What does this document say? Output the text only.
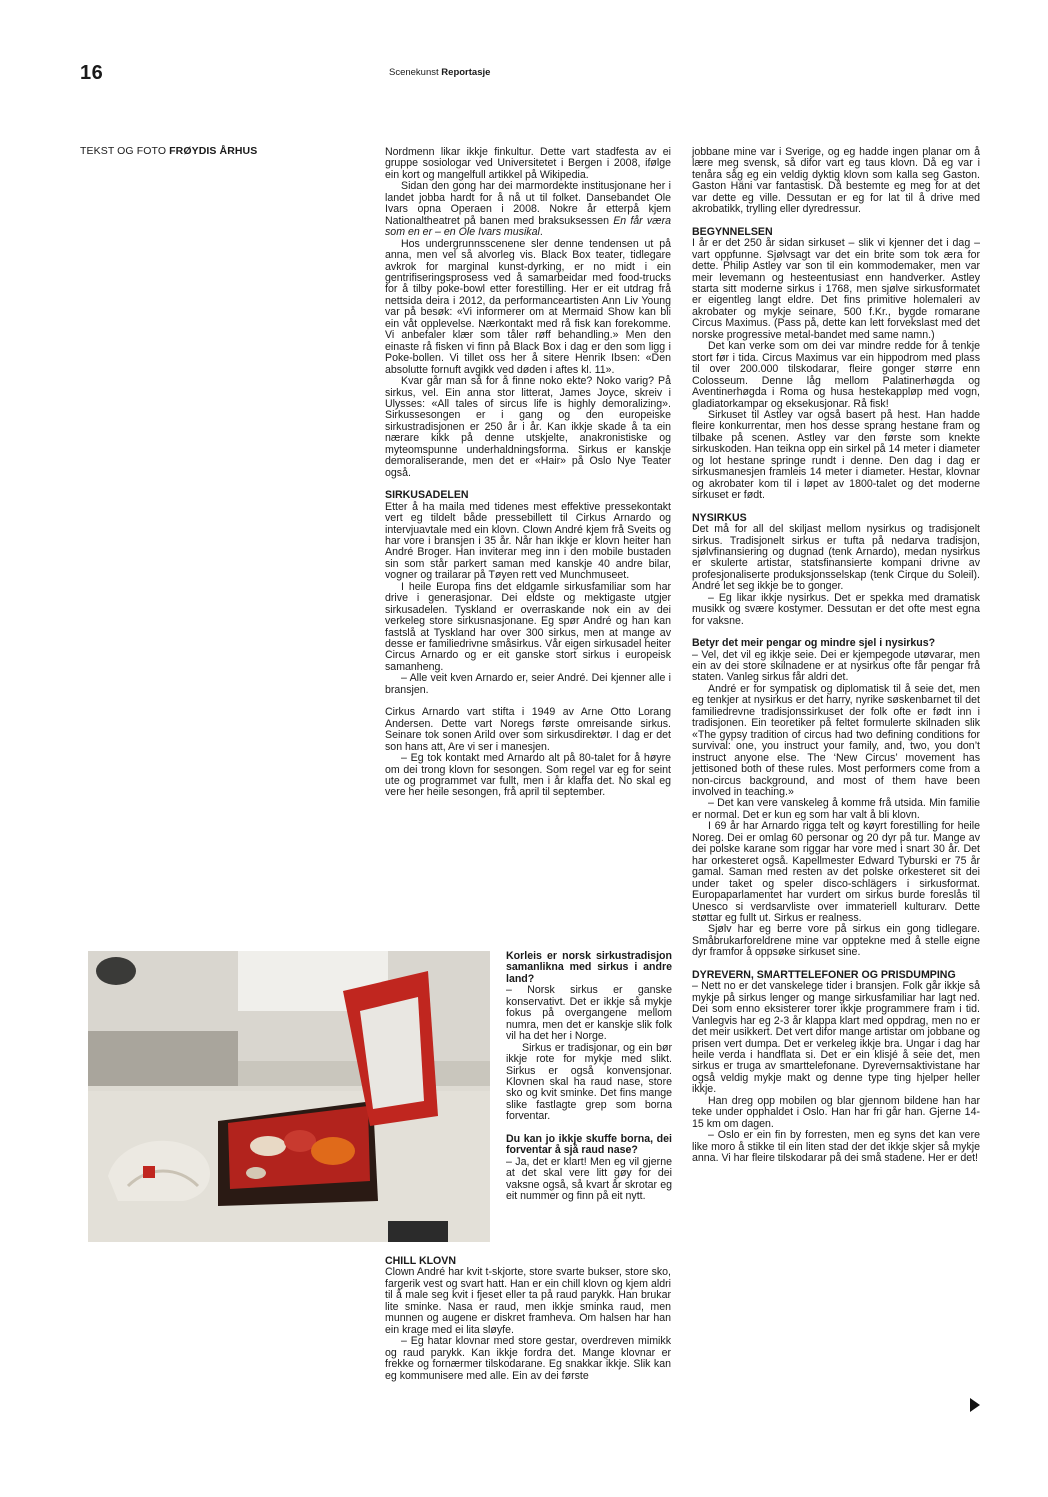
16	Scenekunst Reportasje
TEKST OG FOTO FRØYDIS ÅRHUS	Nordmenn likar ikkje finkultur. Dette vart stadfesta av ei gruppe sosiologar ved Universitetet i Bergen i 2008, ifølge ein kort og mangelfull artikkel på Wikipedia.

Sidan den gong har dei marmordekte institusjonane her i landet jobba hardt for å nå ut til folket. Dansebandet Ole Ivars opna Operaen i 2008. Nokre år etterpå kjem Nationaltheatret på banen med braksuksessen En får væra som en er – en Ole Ivars musikal.

Hos undergrunnsscenene sler denne tendensen ut på anna, men vel så alvorleg vis. Black Box teater, tidlegare avkrok for marginal kunst-dyrking, er no midt i ein gentrifiseringsprosess ved å samarbeidar med food-trucks for å tilby poke-bowl etter forestilling. Her er eit utdrag frå nettsida deira i 2012, da performanceartisten Ann Liv Young var på besøk: «Vi informerer om at Mermaid Show kan bli ein våt opplevelse. Nærkontakt med rå fisk kan forekomme. Vi anbefaler klær som tåler røff behandling.» Men den einaste rå fisken vi finn på Black Box i dag er den som ligg i Poke-bollen. Vi tillet oss her å sitere Henrik Ibsen: «Den absolutte fornuft avgikk ved døden i aftes kl. 11».

Kvar går man så for å finne noko ekte? Noko varig? På sirkus, vel. Ein anna stor litterat, James Joyce, skreiv i Ulysses: «All tales of sircus life is highly demoralizing». Sirkussesongen er i gang og den europeiske sirkustradisjonen er 250 år i år. Kan ikkje skade å ta ein nærare kikk på denne utskjelte, anakronistiske og myteomspunne underhaldningsforma. Sirkus er kanskje demoraliserande, men det er «Hair» på Oslo Nye Teater også.

SIRKUSADELEN

Etter å ha maila med tidenes mest effektive pressekontakt vert eg tildelt både pressebillett til Cirkus Arnardo og intervjuavtale med ein klovn. Clown André kjem frå Sveits og har vore i bransjen i 35 år. Når han ikkje er klovn heiter han André Broger. Han inviterar meg inn i den mobile bustaden sin som står parkert saman med kanskje 40 andre bilar, vogner og trailarar på Tøyen rett ved Munchmuseet.

I heile Europa fins det eldgamle sirkusfamiliar som har drive i generasjonar. Dei eldste og mektigaste utgjer sirkusadelen. Tyskland er overraskande nok ein av dei verkeleg store sirkusnasjonane. Eg spør André og han kan fastslå at Tyskland har over 300 sirkus, men at mange av desse er familiedrivne småsirkus. Vår eigen sirkusadel heiter Circus Arnardo og er eit ganske stort sirkus i europeisk samanheng.

– Alle veit kven Arnardo er, seier André. Dei kjenner alle i bransjen.

Cirkus Arnardo vart stifta i 1949 av Arne Otto Lorang Andersen. Dette vart Noregs første omreisande sirkus. Seinare tok sonen Arild over som sirkusdirektør. I dag er det son hans att, Are vi ser i manesjen.

– Eg tok kontakt med Arnardo alt på 80-talet for å høyre om dei trong klovn for sesongen. Som regel var eg for seint ute og programmet var fullt, men i år klaffa det. No skal eg vere her heile sesongen, frå april til september.

Korleis er norsk sirkustradisjon samanlikna med sirkus i andre land?

– Norsk sirkus er ganske konservativt. Det er ikkje så mykje fokus på overgangene mellom numra, men det er kanskje slik folk vil ha det her i Norge.

Sirkus er tradisjonar, og ein bør ikkje rote for mykje med slikt. Sirkus er også konvensjonar. Klovnen skal ha raud nase, store sko og kvit sminke. Det fins mange slike fastlagte grep som borna forventar.

Du kan jo ikkje skuffe borna, dei forventar å sjå raud nase?

– Ja, det er klart! Men eg vil gjerne at det skal vere litt gøy for dei vaksne også, så kvart år skrotar eg eit nummer og finn på eit nytt.

CHILL KLOVN

Clown André har kvit t-skjorte, store svarte bukser, store sko, fargerik vest og svart hatt. Han er ein chill klovn og kjem aldri til å male seg kvit i fjeset eller ta på raud parykk. Han brukar lite sminke. Nasa er raud, men ikkje sminka raud, men munnen og augene er diskret framheva. Om halsen har han ein krage med ei lita sløyfe.

– Eg hatar klovnar med store gestar, overdreven mimikk og raud parykk. Kan ikkje fordra det. Mange klovnar er frekke og fornærmer tilskodarane. Eg snakkar ikkje. Slik kan eg kommunisere med alle. Ein av dei første

jobbane mine var i Sverige, og eg hadde ingen planar om å lære meg svensk, så difor vart eg taus klovn. Då eg var i tenåra såg eg ein veldig dyktig klovn som kalla seg Gaston. Gaston Häni var fantastisk. Då bestemte eg meg for at det var dette eg ville. Dessutan er eg for lat til å drive med akrobatikk, trylling eller dyredressur.

BEGYNNELSEN

I år er det 250 år sidan sirkuset – slik vi kjenner det i dag – vart oppfunne. Sjølvsagt var det ein brite som tok æra for dette. Philip Astley var son til ein kommodemaker, men var meir levemann og hesteentusiast enn handverker. Astley starta sitt moderne sirkus i 1768, men sjølve sirkusformatet er eigentleg langt eldre. Det fins primitive holemaleri av akrobater og mykje seinare, 500 f.Kr., bygde romarane Circus Maximus. (Pass på, dette kan lett forvekslast med det norske progressive metal-bandet med same namn.)

Det kan verke som om dei var mindre redde for å tenkje stort før i tida. Circus Maximus var ein hippodrom med plass til over 200.000 tilskodarar, fleire gonger større enn Colosseum. Denne låg mellom Palatinerhøgda og Aventinerhøgda i Roma og husa hestekappløp med vogn, gladiatorkampar og eksekusjonar. Rå fisk!

Sirkuset til Astley var også basert på hest. Han hadde fleire konkurrentar, men hos desse sprang hestane fram og tilbake på scenen. Astley var den første som knekte sirkuskoden. Han teikna opp ein sirkel på 14 meter i diameter og lot hestane springe rundt i denne. Den dag i dag er sirkusmanesjen framleis 14 meter i diameter. Hestar, klovnar og akrobater kom til i løpet av 1800-talet og det moderne sirkuset er født.

NYSIRKUS

Det må for all del skiljast mellom nysirkus og tradisjonelt sirkus. Tradisjonelt sirkus er tufta på nedarva tradisjon, sjølvfinansiering og dugnad (tenk Arnardo), medan nysirkus er skulerte artistar, statsfinansierte kompani drivne av profesjonaliserte produksjonsselskap (tenk Cirque du Soleil). André let seg ikkje be to gonger.

– Eg likar ikkje nysirkus. Det er spekka med dramatisk musikk og svære kostymer. Dessutan er det ofte mest egna for vaksne.

Betyr det meir pengar og mindre sjel i nysirkus?

– Vel, det vil eg ikkje seie. Dei er kjempegode utøvarar, men ein av dei store skilnadene er at nysirkus ofte får pengar frå staten. Vanleg sirkus får aldri det.

André er for sympatisk og diplomatisk til å seie det, men eg tenkjer at nysirkus er det harry, nyrike søskenbarnet til det familiedrevne tradisjonssirkuset der folk ofte er født inn i tradisjonen. Ein teoretiker på feltet formulerte skilnaden slik «The gypsy tradition of circus had two defining conditions for survival: one, you instruct your family, and, two, you don’t instruct anyone else. The ‘New Circus’ movement has jettisoned both of these rules. Most performers come from a non-circus background, and most of them have been involved in teaching.»

– Det kan vere vanskeleg å komme frå utsida. Min familie er normal. Det er kun eg som har valt å bli klovn.

I 69 år har Arnardo rigga telt og køyrt forestilling for heile Noreg. Dei er omlag 60 personar og 20 dyr på tur. Mange av dei polske karane som riggar har vore med i snart 30 år. Det har orkesteret også. Kapellmester Edward Tyburski er 75 år gamal. Saman med resten av det polske orkesteret sit dei under taket og speler disco-schlägers i sirkusformat. Europaparlamentet har vurdert om sirkus burde foreslås til Unesco si verdsarvliste over immateriell kulturarv. Dette støttar eg fullt ut. Sirkus er realness.

Sjølv har eg berre vore på sirkus ein gong tidlegare. Småbrukarforeldrene mine var opptekne med å stelle eigne dyr framfor å oppsøke sirkuset sine.

DYREVERN, SMARTTELEFONER OG PRISDUMPING

– Nett no er det vanskelege tider i bransjen. Folk går ikkje så mykje på sirkus lenger og mange sirkusfamiliar har lagt ned. Dei som enno eksisterer torer ikkje programmere fram i tid. Vanlegvis har eg 2-3 år klappa klart med oppdrag, men no er det meir usikkert. Det vert difor mange artistar om jobbane og prisen vert dumpa. Det er verkeleg ikkje bra. Ungar i dag har heile verda i handflata si. Det er ein klisjé å seie det, men sirkus er truga av smarttelefonane. Dyrevernsaktivistane har også veldig mykje makt og denne type ting hjelper heller ikkje.

Han dreg opp mobilen og blar gjennom bildene han har teke under opphaldet i Oslo. Han har fri går han. Gjerne 14-15 km om dagen.

– Oslo er ein fin by forresten, men eg syns det kan vere like moro å stikke til ein liten stad der det ikkje skjer så mykje anna. Vi har fleire tilskodarar på dei små stadene. Her er det!
